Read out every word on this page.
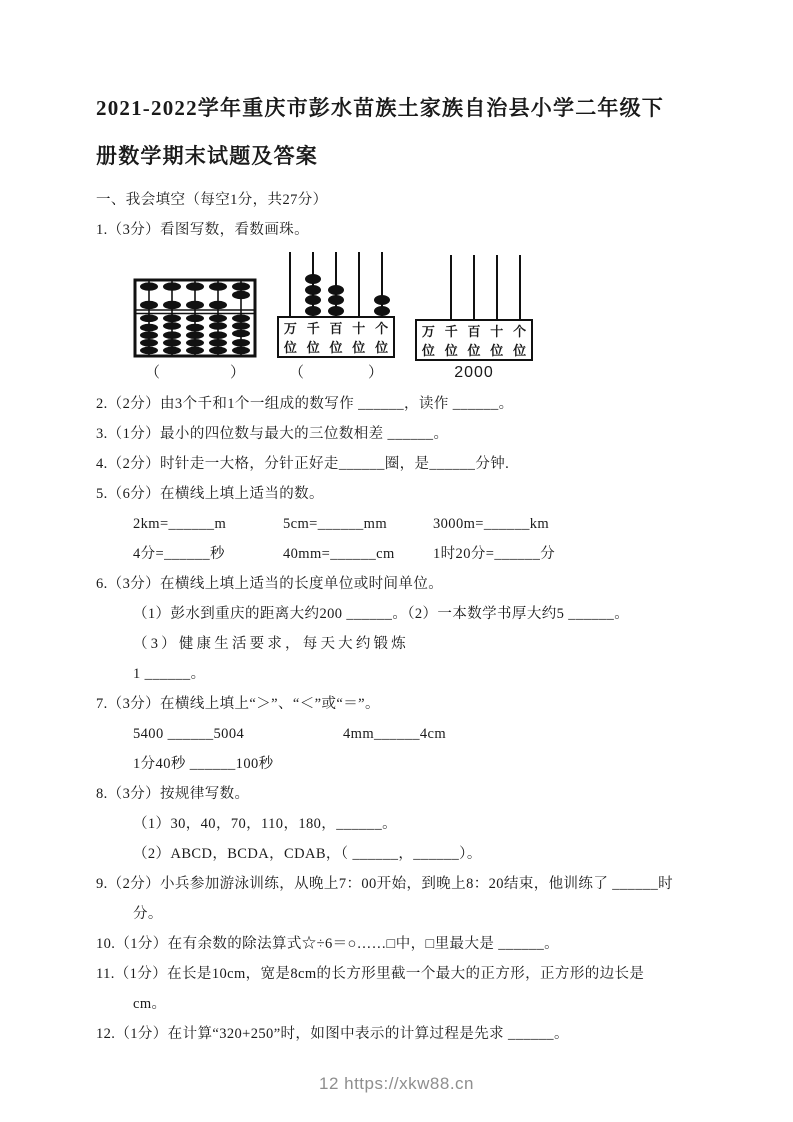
2021-2022学年重庆市彭水苗族土家族自治县小学二年级下
册数学期末试题及答案

一、我会填空（每空1分，共27分）

1.（3分）看图写数，看数画珠。

（	）
万
位
千
位
百
位
十
位
个
位
（	）
万
位
千
位
百
位
十
位
个
位
2000

2.（2分）由3个千和1个一组成的数写作 ______，读作 ______。

3.（1分）最小的四位数与最大的三位数相差 ______。

4.（2分）时针走一大格，分针正好走______圈，是______分钟.

5.（6分）在横线上填上适当的数。

2km=______m	5cm=______mm	3000m=______km
4分=______秒	40mm=______cm	1时20分=______分

6.（3分）在横线上填上适当的长度单位或时间单位。

（1）彭水到重庆的距离大约200 ______。（2）一本数学书厚大约5 ______。

（3）健康生活要求，每天大约锻炼

1 ______。

7.（3分）在横线上填上“＞”、“＜”或“＝”。

5400 ______5004	4mm______4cm

1分40秒 ______100秒

8.（3分）按规律写数。

（1）30，40，70，110，180，______。

（2）ABCD，BCDA，CDAB，（ ______，______）。

9.（2分）小兵参加游泳训练，从晚上7：00开始，到晚上8：20结束，他训练了 ______时

分。

10.（1分）在有余数的除法算式☆÷6＝○……□中，□里最大是 ______。

11.（1分）在长是10cm，宽是8cm的长方形里截一个最大的正方形，正方形的边长是

cm。

12.（1分）在计算“320+250”时，如图中表示的计算过程是先求 ______。

12 https://xkw88.cn
